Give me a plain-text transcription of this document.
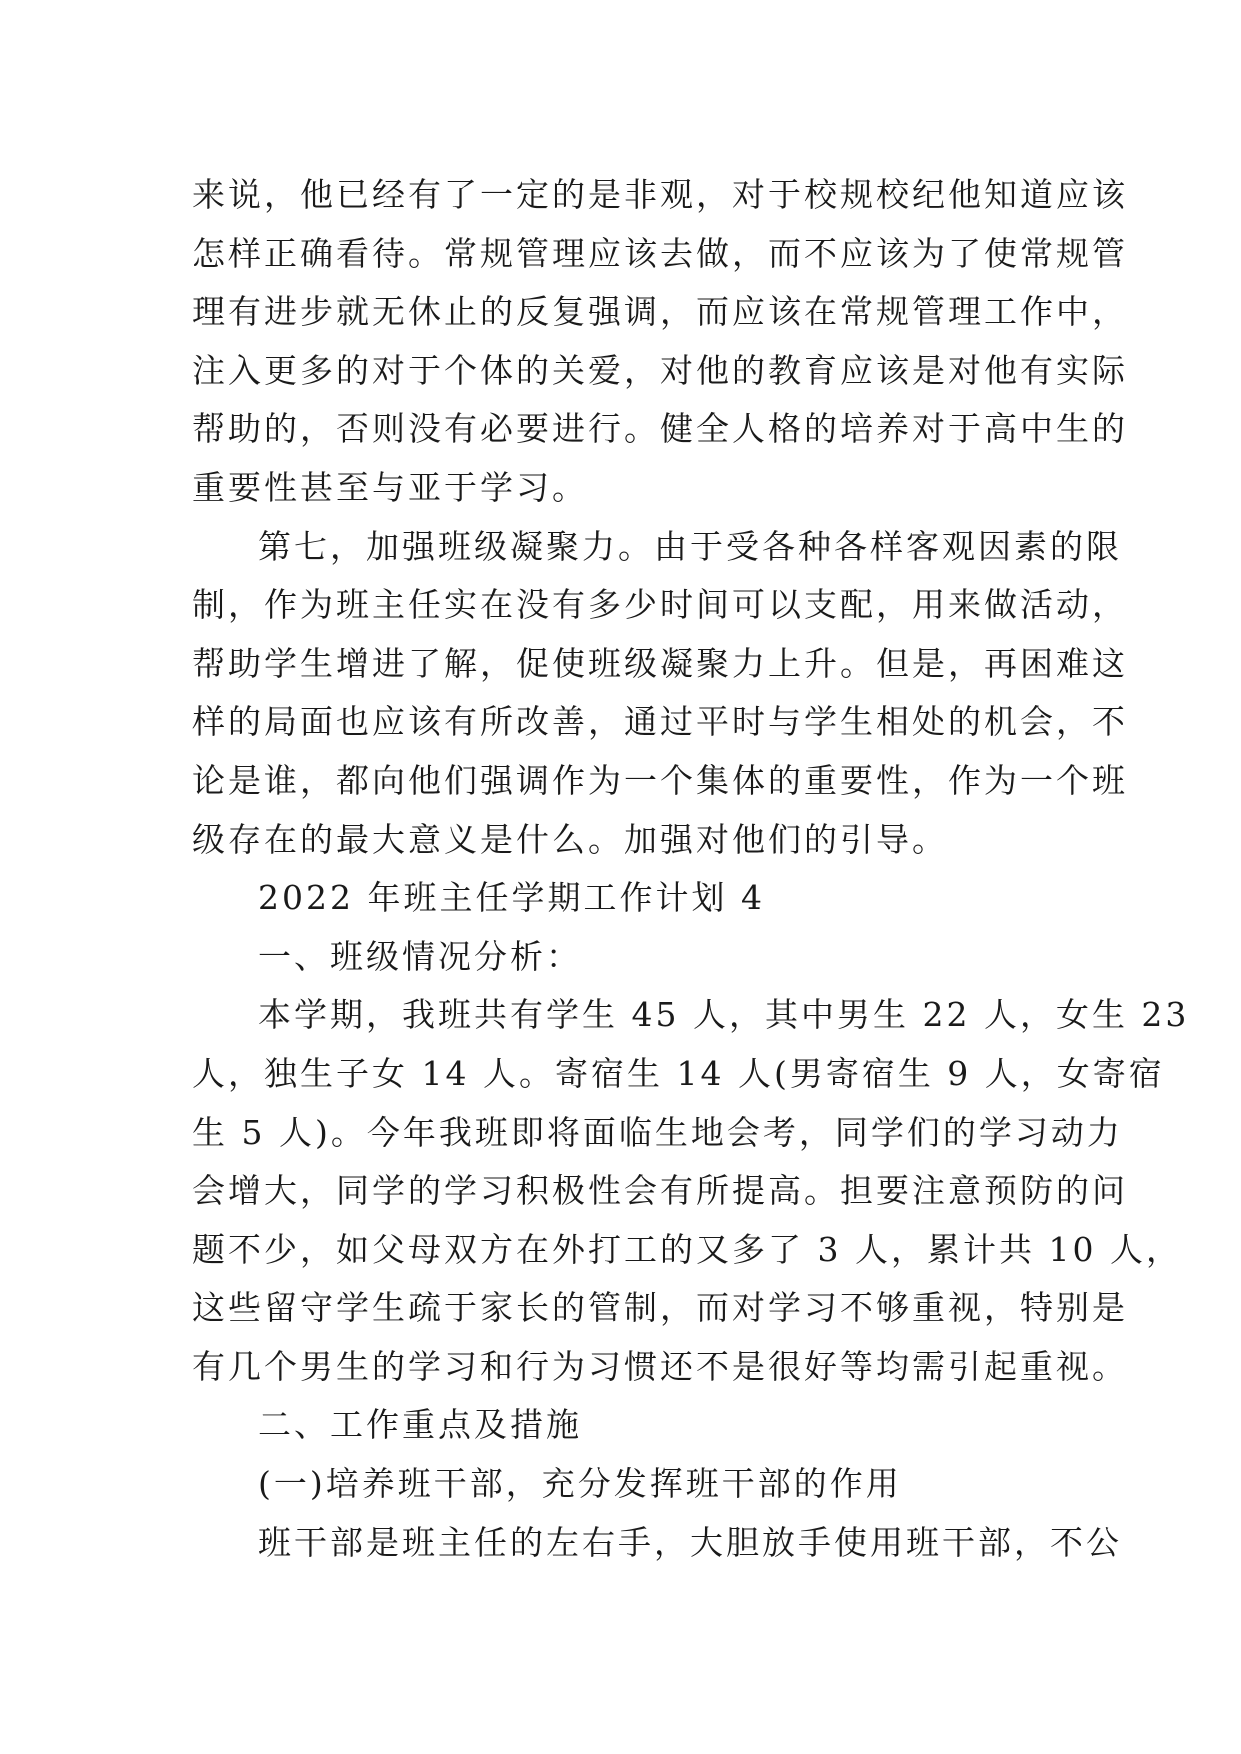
来说，他已经有了一定的是非观，对于校规校纪他知道应该
怎样正确看待。常规管理应该去做，而不应该为了使常规管
理有进步就无休止的反复强调，而应该在常规管理工作中，
注入更多的对于个体的关爱，对他的教育应该是对他有实际
帮助的，否则没有必要进行。健全人格的培养对于高中生的
重要性甚至与亚于学习。
第七，加强班级凝聚力。由于受各种各样客观因素的限
制，作为班主任实在没有多少时间可以支配，用来做活动，
帮助学生增进了解，促使班级凝聚力上升。但是，再困难这
样的局面也应该有所改善，通过平时与学生相处的机会，不
论是谁，都向他们强调作为一个集体的重要性，作为一个班
级存在的最大意义是什么。加强对他们的引导。
2022 年班主任学期工作计划 4
一、班级情况分析：
本学期，我班共有学生 45 人，其中男生 22 人，女生 23
人，独生子女 14 人。寄宿生 14 人(男寄宿生 9 人，女寄宿
生 5 人)。今年我班即将面临生地会考，同学们的学习动力
会增大，同学的学习积极性会有所提高。担要注意预防的问
题不少，如父母双方在外打工的又多了 3 人，累计共 10 人，
这些留守学生疏于家长的管制，而对学习不够重视，特别是
有几个男生的学习和行为习惯还不是很好等均需引起重视。
二、工作重点及措施
(一)培养班干部，充分发挥班干部的作用
班干部是班主任的左右手，大胆放手使用班干部，不公
